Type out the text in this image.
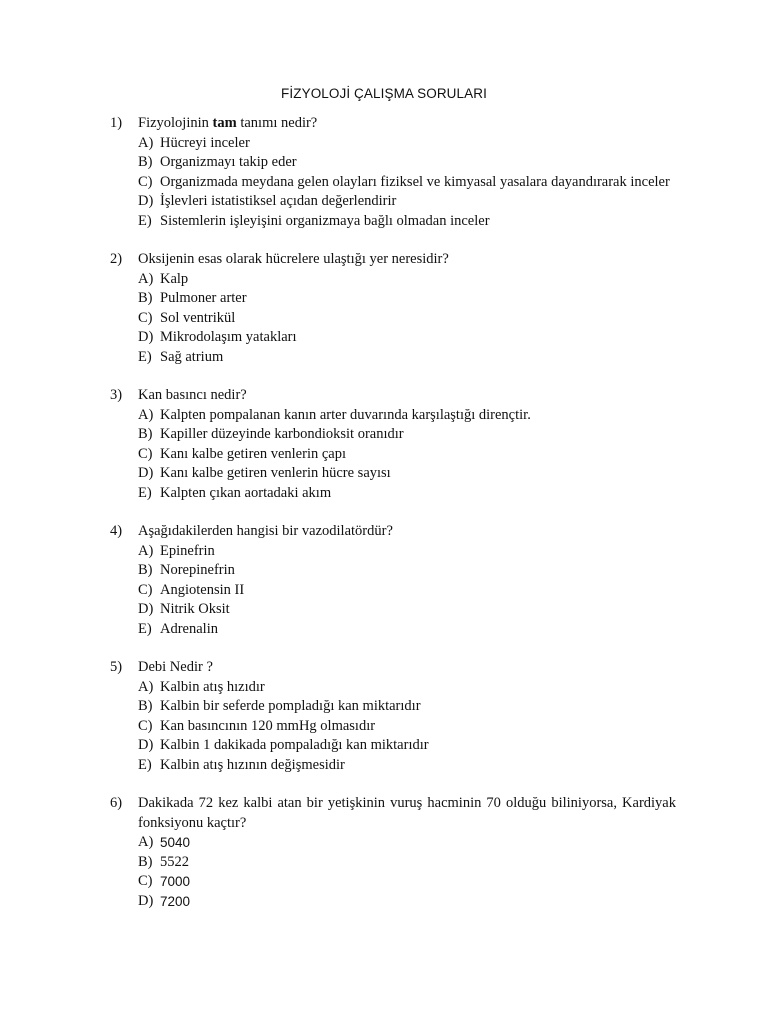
FİZYOLOJİ ÇALIŞMA SORULARI
1)	Fizyolojinin tam tanımı nedir?
A) Hücreyi inceler
B) Organizmayı takip eder
C) Organizmada meydana gelen olayları fiziksel ve kimyasal yasalara dayandırarak inceler
D) İşlevleri istatistiksel açıdan değerlendirir
E) Sistemlerin işleyişini organizmaya bağlı olmadan inceler
2)	Oksijenin esas olarak hücrelere ulaştığı yer neresidir?
A) Kalp
B) Pulmoner arter
C) Sol ventrikül
D) Mikrodolaşım yatakları
E) Sağ atrium
3)	Kan basıncı nedir?
A) Kalpten pompalanan kanın arter duvarında karşılaştığı dirençtir.
B) Kapiller düzeyinde karbondioksit oranıdır
C) Kanı kalbe getiren venlerin çapı
D) Kanı kalbe getiren venlerin hücre sayısı
E) Kalpten çıkan aortadaki akım
4)	Aşağıdakilerden hangisi bir vazodilatördür?
A) Epinefrin
B) Norepinefrin
C) Angiotensin II
D) Nitrik Oksit
E) Adrenalin
5)	Debi Nedir ?
A) Kalbin atış hızıdır
B) Kalbin bir seferde pompladığı kan miktarıdır
C) Kan basıncının 120 mmHg olmasıdır
D) Kalbin 1 dakikada pompaladığı kan miktarıdır
E) Kalbin atış hızının değişmesidir
6)	Dakikada 72 kez kalbi atan bir yetişkinin vuruş hacminin 70 olduğu biliniyorsa, Kardiyak fonksiyonu kaçtır?
A) 5040
B) 5522
C) 7000
D) 7200
